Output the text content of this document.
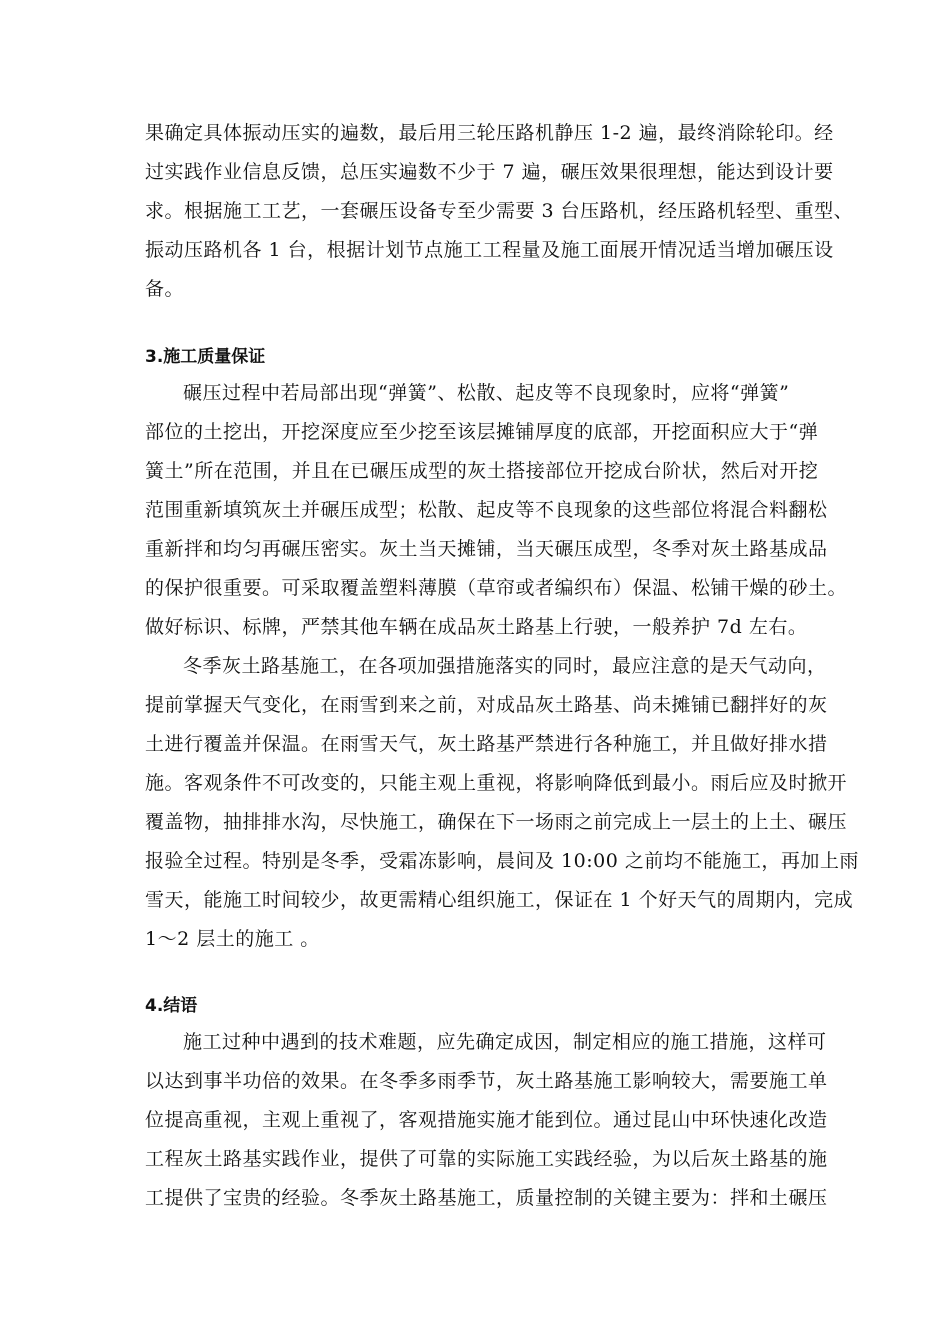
果确定具体振动压实的遍数，最后用三轮压路机静压 1-2 遍，最终消除轮印。经
过实践作业信息反馈，总压实遍数不少于 7 遍，碾压效果很理想，能达到设计要
求。根据施工工艺，一套碾压设备专至少需要 3 台压路机，经压路机轻型、重型、
振动压路机各 1 台，根据计划节点施工工程量及施工面展开情况适当增加碾压设
备。
3.施工质量保证
碾压过程中若局部出现“弹簧”、松散、起皮等不良现象时，应将“弹簧”
部位的土挖出，开挖深度应至少挖至该层摊铺厚度的底部，开挖面积应大于“弹
簧土”所在范围，并且在已碾压成型的灰土搭接部位开挖成台阶状，然后对开挖
范围重新填筑灰土并碾压成型；松散、起皮等不良现象的这些部位将混合料翻松
重新拌和均匀再碾压密实。灰土当天摊铺，当天碾压成型，冬季对灰土路基成品
的保护很重要。可采取覆盖塑料薄膜（草帘或者编织布）保温、松铺干燥的砂土。
做好标识、标牌，严禁其他车辆在成品灰土路基上行驶，一般养护 7d 左右。
冬季灰土路基施工，在各项加强措施落实的同时，最应注意的是天气动向，
提前掌握天气变化，在雨雪到来之前，对成品灰土路基、尚未摊铺已翻拌好的灰
土进行覆盖并保温。在雨雪天气，灰土路基严禁进行各种施工，并且做好排水措
施。客观条件不可改变的，只能主观上重视，将影响降低到最小。雨后应及时掀开
覆盖物，抽排排水沟，尽快施工，确保在下一场雨之前完成上一层土的上土、碾压
报验全过程。特别是冬季，受霜冻影响，晨间及 10:00 之前均不能施工，再加上雨
雪天，能施工时间较少，故更需精心组织施工，保证在 1 个好天气的周期内，完成
1～2 层土的施工 。
4.结语
施工过种中遇到的技术难题，应先确定成因，制定相应的施工措施，这样可
以达到事半功倍的效果。在冬季多雨季节，灰土路基施工影响较大，需要施工单
位提高重视，主观上重视了，客观措施实施才能到位。通过昆山中环快速化改造
工程灰土路基实践作业，提供了可靠的实际施工实践经验，为以后灰土路基的施
工提供了宝贵的经验。冬季灰土路基施工，质量控制的关键主要为：拌和土碾压
